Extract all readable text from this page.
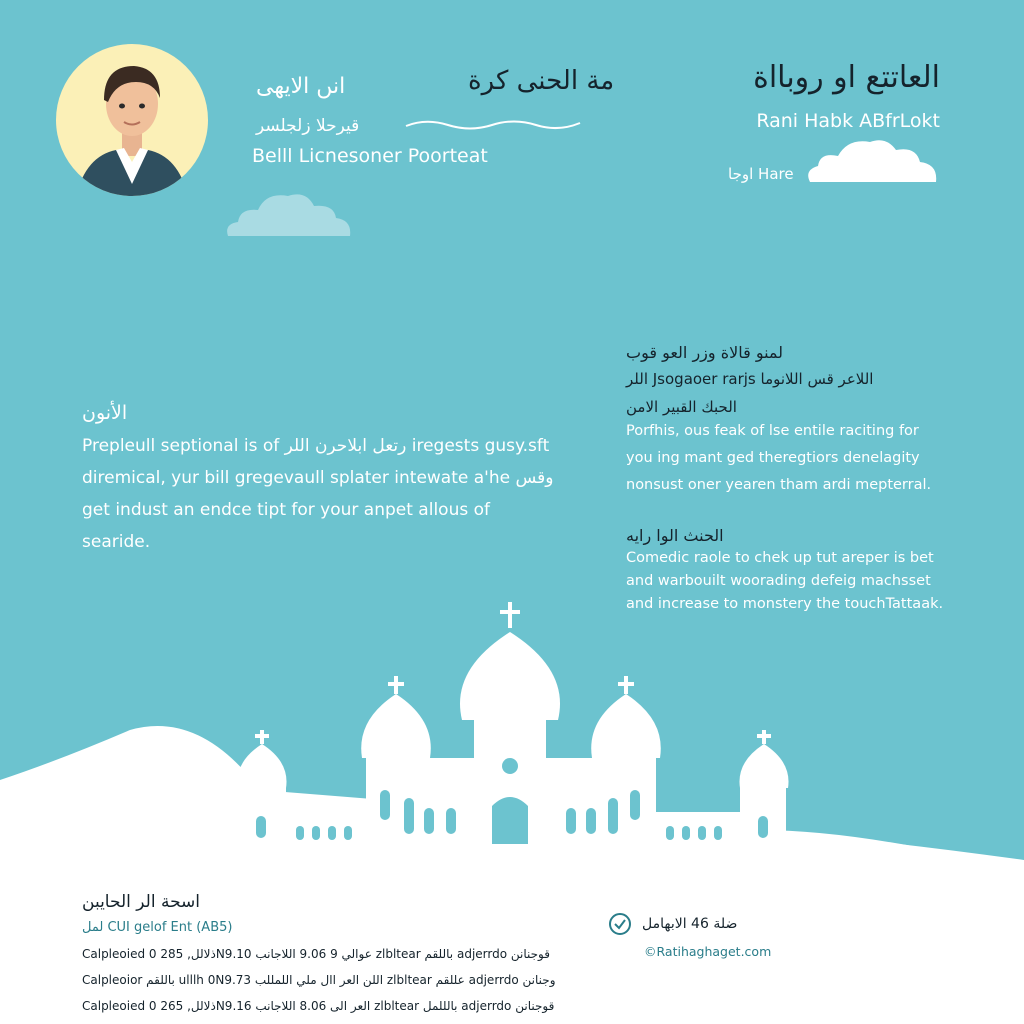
انں الايهى
قيرحلا زلجلسر
Belll Licnesoner Poorteat
مة الحنى كرة	العاتتع او روبااة
Rani Habk ABfrLokt
اوجا Hare
الأنون

Prepleull septional is of رتعل ابلاحرن اللر iregests gusy.sft

diremical, yur bill gregevaull splater intewate a'he وقس

get indust an endce tipt for your anpet allous of searide.

لمنو قالاة وزر العو قوب
اللر Jsogaoer rarjs اللاعر قس اللانوما
الحبك القبير الامن
Porfhis, ous feak of lse entile raciting for
you ing mant ged theregtiors denelagity
nonsust oner yearen tham ardi mepterral.
الحنث الوا رايه
Comedic raole to chek up tut areper is bet
and warbouilt woorading defeig machsset
and increase to monstery the touchTattaak.
اسحة الر الحايبن
لمل CUI gelof Ent (AB5)
Calpleoied ذلالل, 285 0N9.10 عوالي 9 9.06 اللاجانب zlbltear باللقم adjerrdo قوجنانن
Calpleoior باللقم ulllh 0N9.73 اللن العر اال ملي اللمللب zlbltear عللقم adjerrdo وجنانن
Calpleoied ذلالل, 265 0N9.16 العر الى 8.06 اللاجانب zlbltear بالللمل adjerrdo قوجنانن
ضلة 46 الابهامل
©Ratihaghaget.com
